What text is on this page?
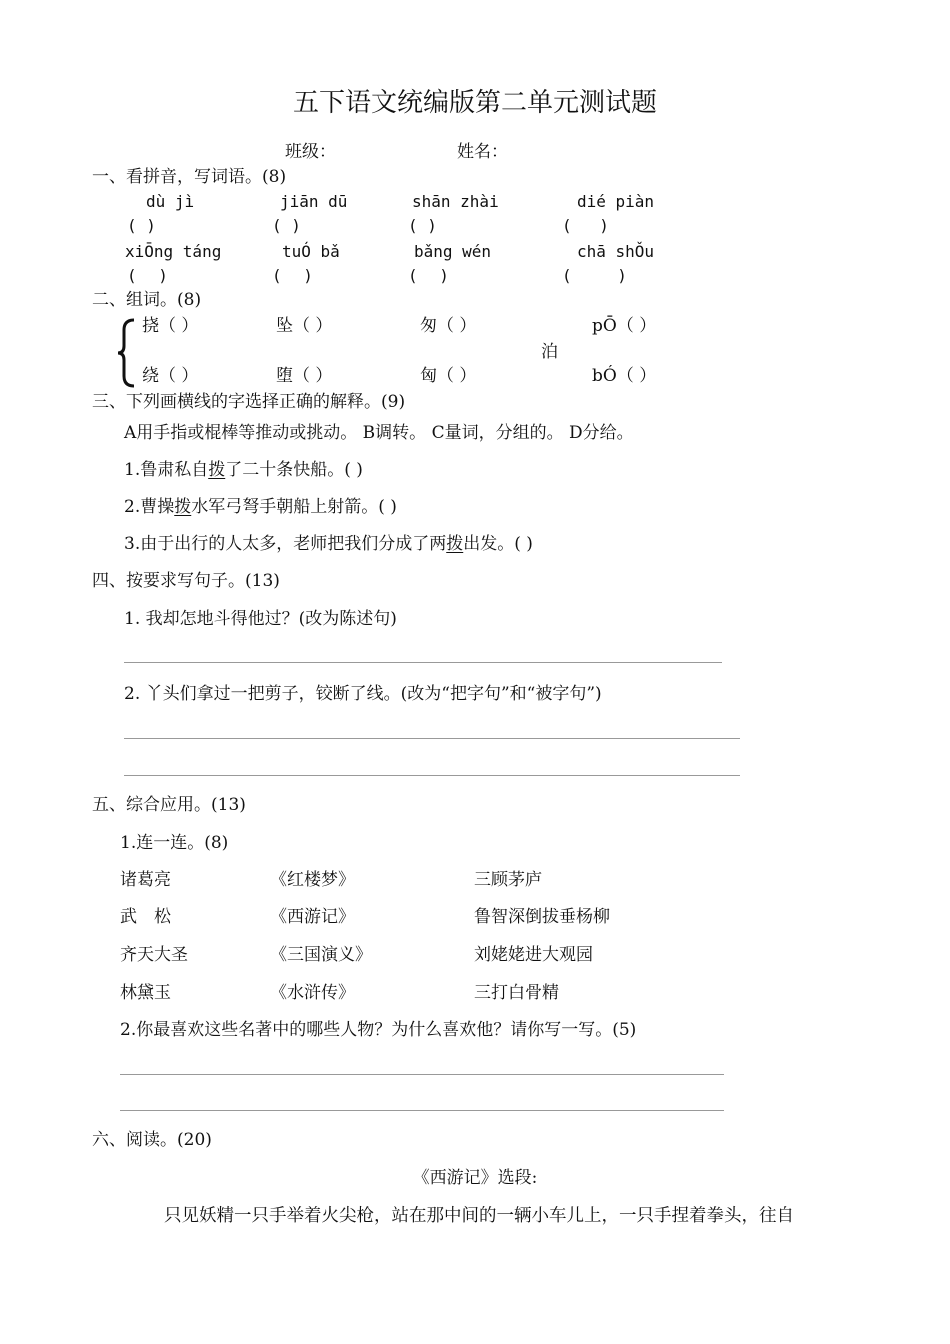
五下语文统编版第二单元测试题
班级：	姓名：
一、看拼音，写词语。(8)
dù jì	jiān dū	shān zhài	dié piàn
( )	( )	( )	( )
xiŌng táng	tuÓ bǎ	bǎng wén	chā shǑu
( )	( )	( )	( )
二、组词。(8)
挠（ ）	坠（ ）	匆（ ）	pŌ（ ）
泊
绕（ ）	堕（ ）	匈（ ）	bÓ（ ）
三、下列画横线的字选择正确的解释。(9)
A用手指或棍棒等推动或挑动。 B调转。 C量词，分组的。 D分给。
1.鲁肃私自拨了二十条快船。( )
2.曹操拨水军弓弩手朝船上射箭。( )
3.由于出行的人太多，老师把我们分成了两拨出发。( )
四、按要求写句子。(13)
1. 我却怎地斗得他过？(改为陈述句)
2. 丫头们拿过一把剪子，铰断了线。(改为“把字句”和“被字句”)
五、综合应用。(13)
1.连一连。(8)
诸葛亮	《红楼梦》	三顾茅庐
武　松	《西游记》	鲁智深倒拔垂杨柳
齐天大圣	《三国演义》	刘姥姥进大观园
林黛玉	《水浒传》	三打白骨精
2.你最喜欢这些名著中的哪些人物？为什么喜欢他？请你写一写。(5)
六、阅读。(20)
《西游记》选段:
只见妖精一只手举着火尖枪，站在那中间的一辆小车儿上，一只手捏着拳头，往自
